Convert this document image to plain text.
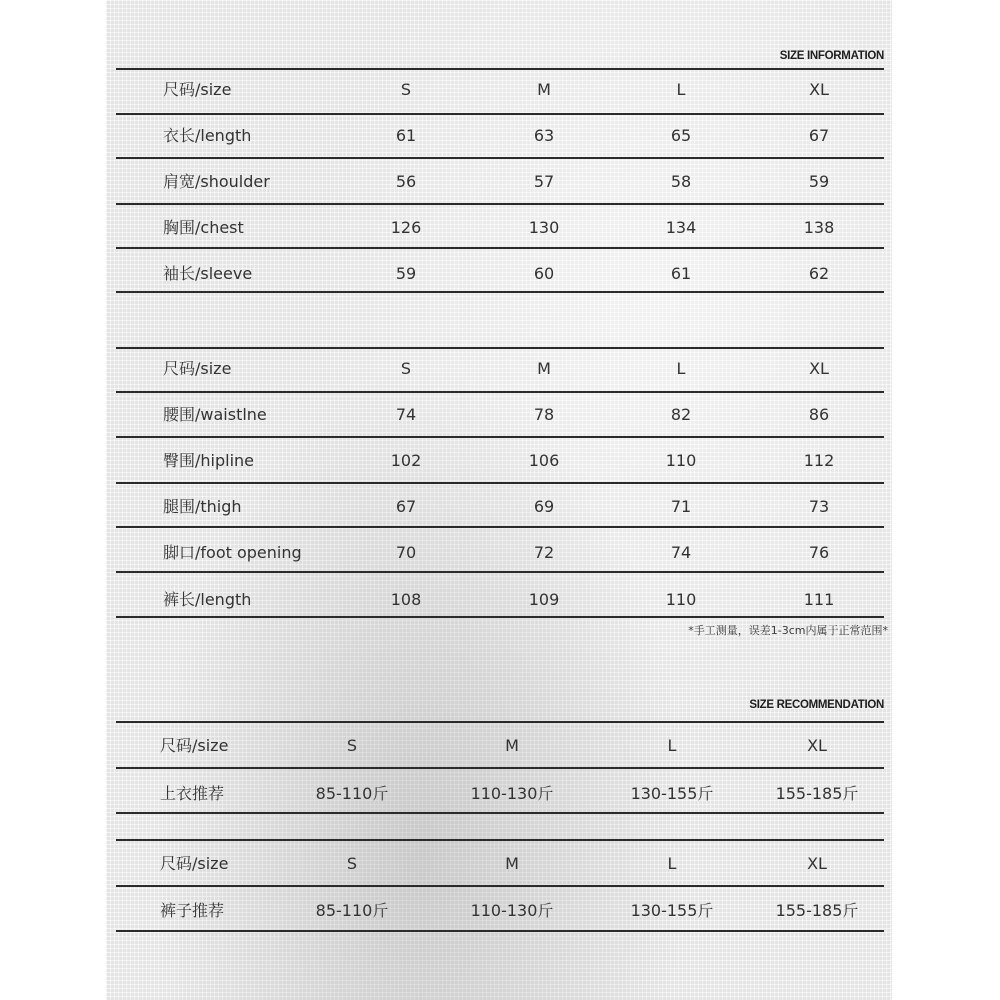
SIZE INFORMATION
尺码/size	S	M	L	XL
衣长/length	61	63	65	67
肩宽/shoulder	56	57	58	59
胸围/chest	126	130	134	138
袖长/sleeve	59	60	61	62
尺码/size	S	M	L	XL
腰围/waistlne	74	78	82	86
臀围/hipline	102	106	110	112
腿围/thigh	67	69	71	73
脚口/foot opening	70	72	74	76
裤长/length	108	109	110	111
*手工测量，误差1-3cm内属于正常范围*
SIZE RECOMMENDATION
尺码/size	S	M	L	XL
上衣推荐	85-110斤	110-130斤	130-155斤	155-185斤
尺码/size	S	M	L	XL
裤子推荐	85-110斤	110-130斤	130-155斤	155-185斤
